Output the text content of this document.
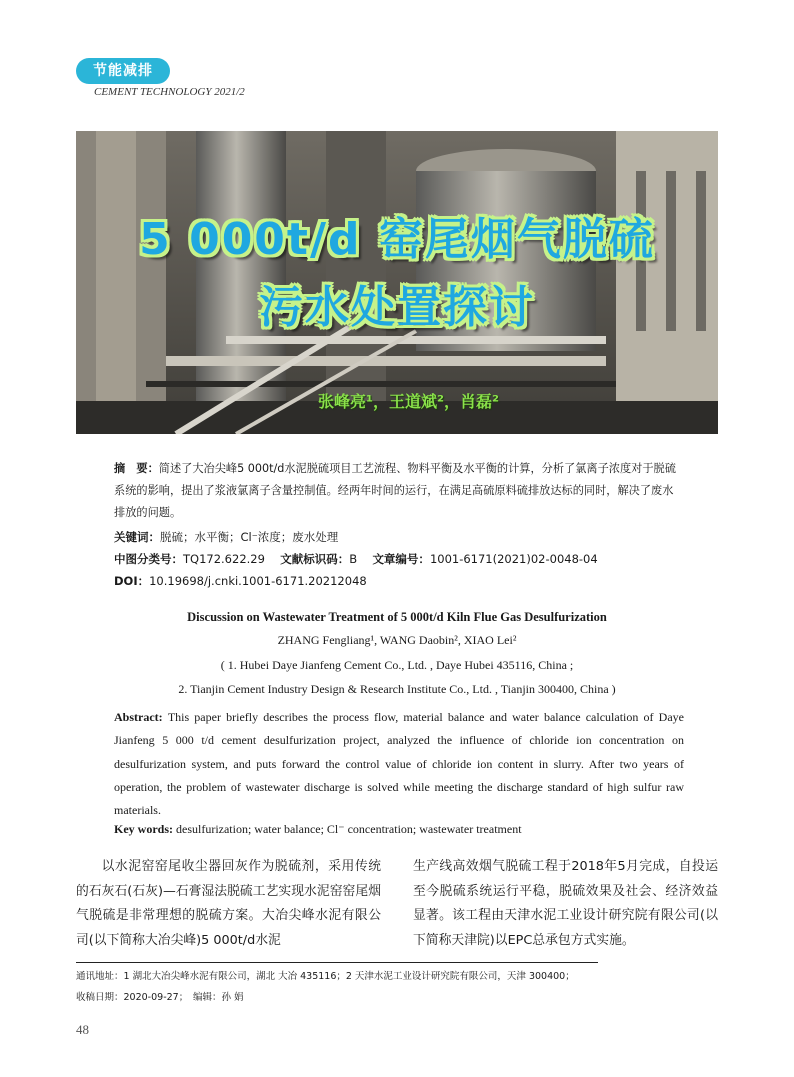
节能减排
CEMENT TECHNOLOGY 2021/2
5 000t/d 窑尾烟气脱硫
污水处置探讨
张峰亮¹，王道斌²，肖磊²
摘　要：简述了大冶尖峰5 000t/d水泥脱硫项目工艺流程、物料平衡及水平衡的计算，分析了氯离子浓度对于脱硫系统的影响，提出了浆液氯离子含量控制值。经两年时间的运行，在满足高硫原料硫排放达标的同时，解决了废水排放的问题。
关键词：脱硫；水平衡；Cl⁻浓度；废水处理
中图分类号：TQ172.622.29 文献标识码：B 文章编号：1001-6171(2021)02-0048-04
DOI：10.19698/j.cnki.1001-6171.20212048
Discussion on Wastewater Treatment of 5 000t/d Kiln Flue Gas Desulfurization
ZHANG Fengliang¹, WANG Daobin², XIAO Lei²
( 1. Hubei Daye Jianfeng Cement Co., Ltd. , Daye Hubei 435116, China ;
2. Tianjin Cement Industry Design & Research Institute Co., Ltd. , Tianjin 300400, China )
Abstract: This paper briefly describes the process flow, material balance and water balance calculation of Daye Jianfeng 5 000 t/d cement desulfurization project, analyzed the influence of chloride ion concentration on desulfurization system, and puts forward the control value of chloride ion content in slurry. After two years of operation, the problem of wastewater discharge is solved while meeting the discharge standard of high sulfur raw materials.
Key words: desulfurization; water balance; Cl⁻ concentration; wastewater treatment
以水泥窑窑尾收尘器回灰作为脱硫剂，采用传统的石灰石(石灰)—石膏湿法脱硫工艺实现水泥窑窑尾烟气脱硫是非常理想的脱硫方案。大冶尖峰水泥有限公司(以下简称大冶尖峰)5 000t/d水泥
生产线高效烟气脱硫工程于2018年5月完成，自投运至今脱硫系统运行平稳，脱硫效果及社会、经济效益显著。该工程由天津水泥工业设计研究院有限公司(以下简称天津院)以EPC总承包方式实施。
通讯地址：1 湖北大冶尖峰水泥有限公司，湖北 大冶 435116；2 天津水泥工业设计研究院有限公司，天津 300400；
收稿日期：2020-09-27；　编辑：孙 娟
48
